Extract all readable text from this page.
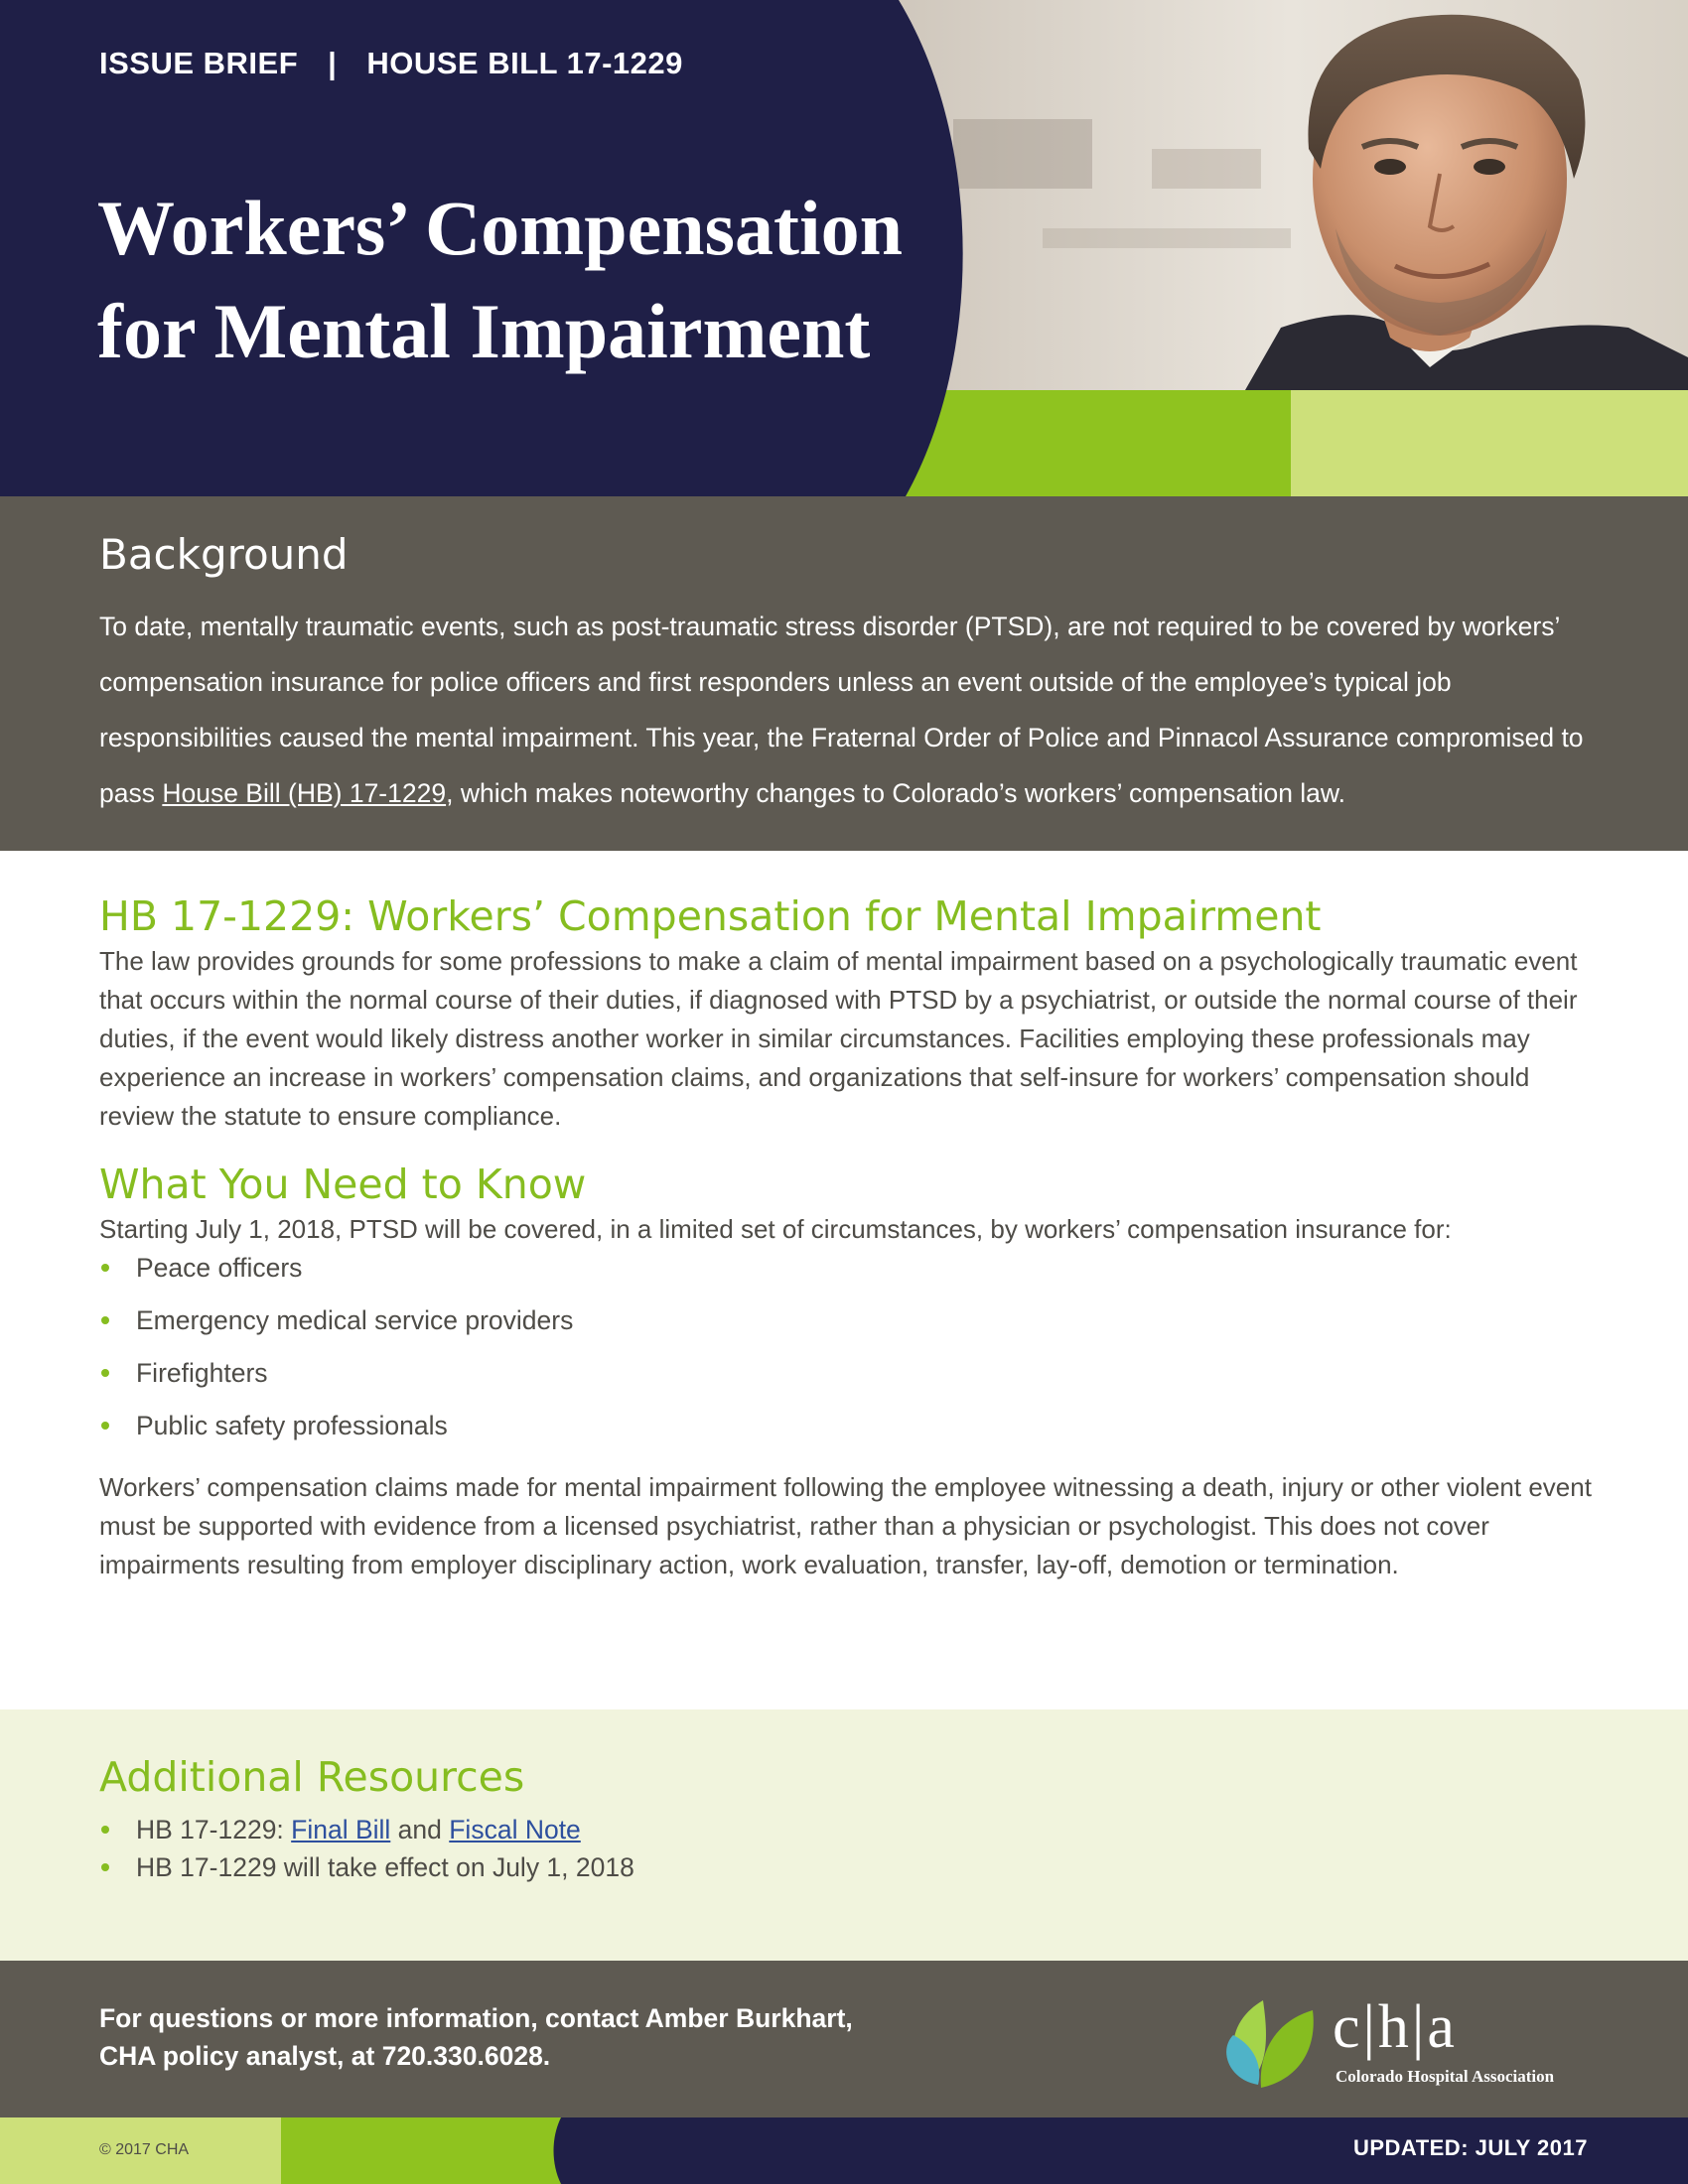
ISSUE BRIEF | HOUSE BILL 17-1229
Workers’ Compensation
for Mental Impairment
Background

To date, mentally traumatic events, such as post-traumatic stress disorder (PTSD), are not required to be covered by workers’ compensation insurance for police officers and first responders unless an event outside of the employee’s typical job responsibilities caused the mental impairment. This year, the Fraternal Order of Police and Pinnacol Assurance compromised to pass House Bill (HB) 17-1229, which makes noteworthy changes to Colorado’s workers’ compensation law.

HB 17-1229: Workers’ Compensation for Mental Impairment

The law provides grounds for some professions to make a claim of mental impairment based on a psychologically traumatic event that occurs within the normal course of their duties, if diagnosed with PTSD by a psychiatrist, or outside the normal course of their duties, if the event would likely distress another worker in similar circumstances. Facilities employing these professionals may experience an increase in workers’ compensation claims, and organizations that self-insure for workers’ compensation should review the statute to ensure compliance.

What You Need to Know

Starting July 1, 2018, PTSD will be covered, in a limited set of circumstances, by workers’ compensation insurance for:

Peace officers
Emergency medical service providers
Firefighters
Public safety professionals

Workers’ compensation claims made for mental impairment following the employee witnessing a death, injury or other violent event must be supported with evidence from a licensed psychiatrist, rather than a physician or psychologist. This does not cover impairments resulting from employer disciplinary action, work evaluation, transfer, lay-off, demotion or termination.

Additional Resources
HB 17-1229: Final Bill and Fiscal Note
HB 17-1229 will take effect on July 1, 2018
For questions or more information, contact Amber Burkhart,
CHA policy analyst, at 720.330.6028.	c|h|a
Colorado Hospital Association
© 2017 CHA	UPDATED: JULY 2017
